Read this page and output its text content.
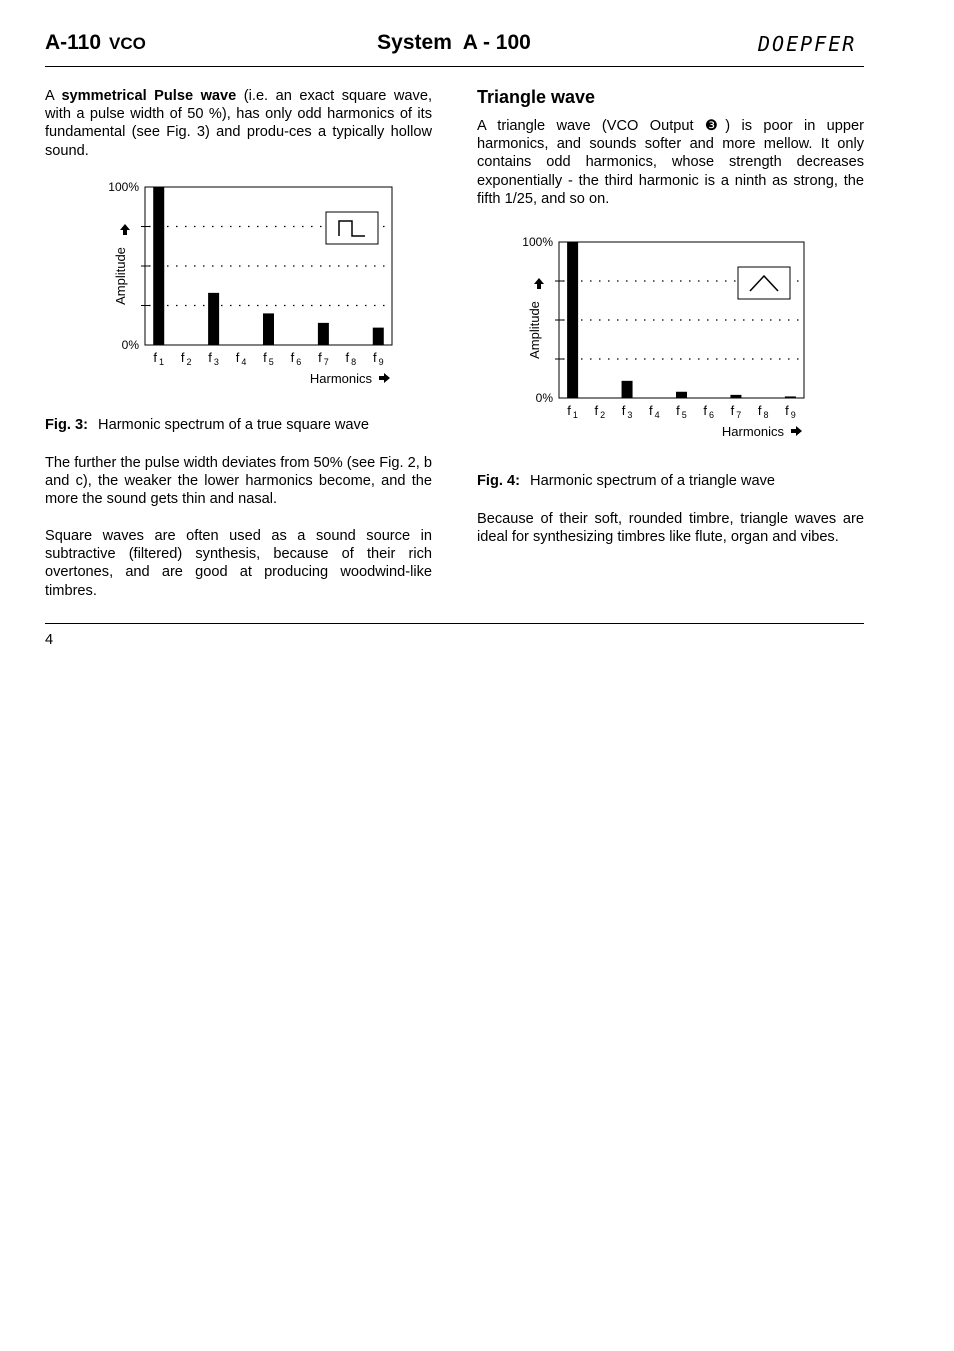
A-110 VCO	System  A - 100	DOEPFER

A symmetrical Pulse wave (i.e. an exact square wave, with a pulse width of 50 %), has only odd harmonics of its fundamental (see Fig. 3) and produ-ces a typically hollow sound.

100%
0%
Amplitude
f $_1$ f $_2$ f $_3$ f $_4$ f $_5$ f $_6$ f $_7$ f $_8$ f $_9$
Harmonics
Fig. 3: Harmonic spectrum of a true square wave

The further the pulse width deviates from 50% (see Fig. 2, b and c), the weaker the lower harmonics become, and the more the sound gets thin and nasal.

Square waves are often used as a sound source in subtractive (filtered) synthesis, because of their rich overtones, and are good at producing woodwind-like timbres.

Triangle wave

A triangle wave (VCO Output ❸) is poor in upper harmonics, and sounds softer and more mellow. It only contains odd harmonics, whose strength decreases exponentially - the third harmonic is a ninth as strong, the fifth 1/25, and so on.

100%
0%
Amplitude
f $_1$ f $_2$ f $_3$ f $_4$ f $_5$ f $_6$ f $_7$ f $_8$ f $_9$
Harmonics
Fig. 4: Harmonic spectrum of a triangle wave

Because of their soft, rounded timbre, triangle waves are ideal for synthesizing timbres like flute, organ and vibes.

4
